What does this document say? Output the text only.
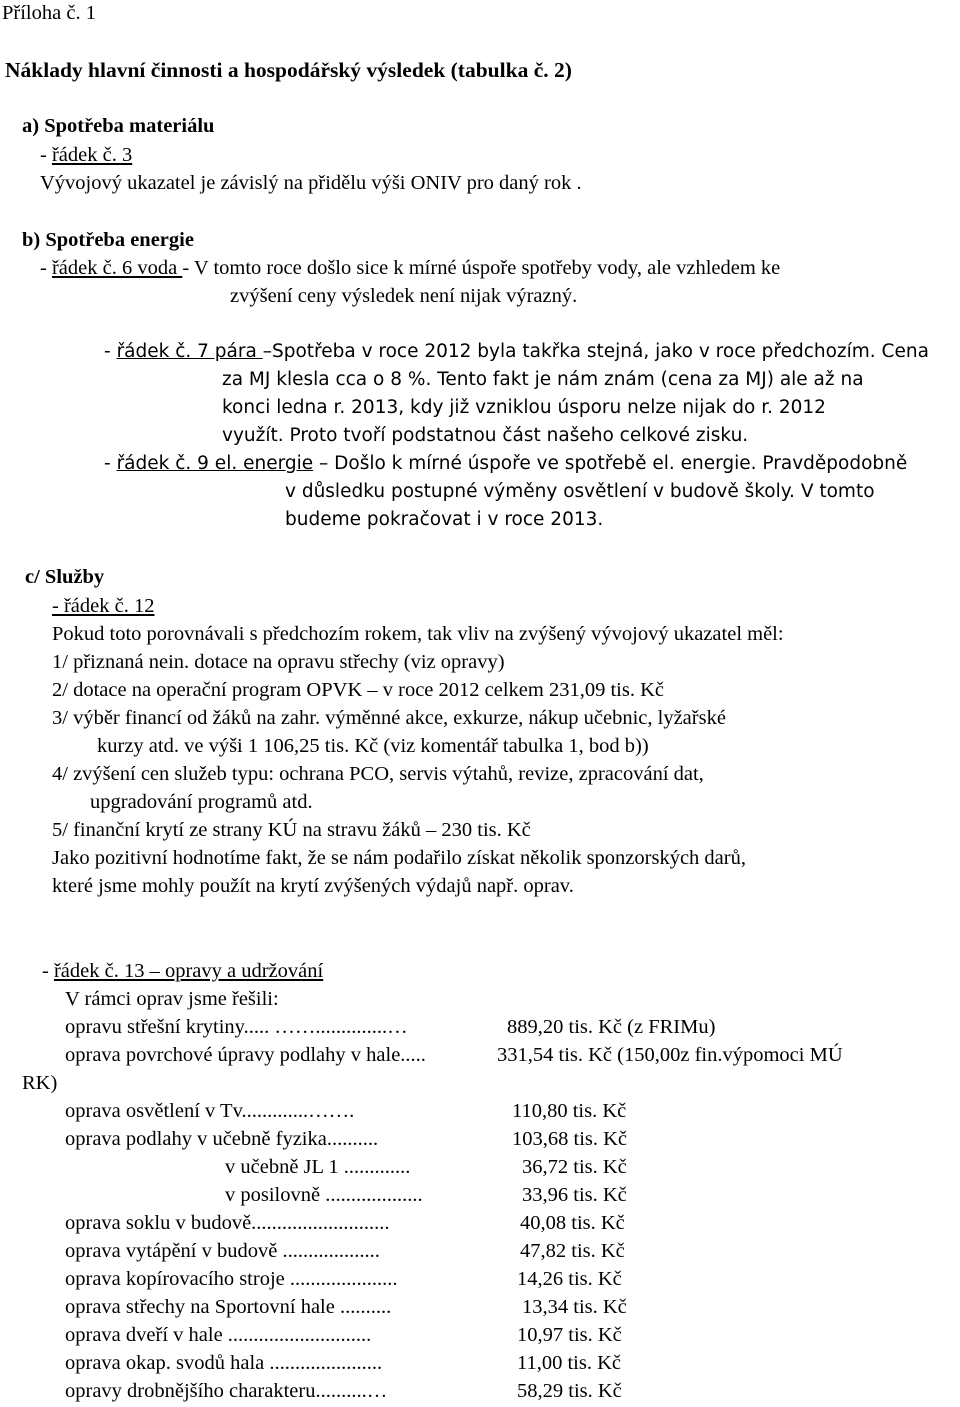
Příloha č. 1
Náklady hlavní činnosti a hospodářský výsledek (tabulka č. 2)
a) Spotřeba materiálu
- řádek č. 3
Vývojový ukazatel je závislý na přidělu výši ONIV pro daný rok .
b) Spotřeba energie
- řádek č. 6 voda - V tomto roce došlo sice k mírné úspoře spotřeby vody, ale vzhledem ke
zvýšení ceny výsledek není nijak výrazný.
- řádek č. 7 pára –Spotřeba v roce 2012 byla takřka stejná, jako v roce předchozím. Cena
za MJ klesla cca o 8 %. Tento fakt je nám znám (cena za MJ) ale až na
konci ledna r. 2013, kdy již vzniklou úsporu nelze nijak do r. 2012
využít. Proto tvoří podstatnou část našeho celkové zisku.
- řádek č. 9 el. energie – Došlo k mírné úspoře ve spotřebě el. energie. Pravděpodobně
v důsledku postupné výměny osvětlení v budově školy. V tomto
budeme pokračovat i v roce 2013.
c/ Služby
- řádek č. 12
Pokud toto porovnávali s předchozím rokem, tak vliv na zvýšený vývojový ukazatel měl:
1/ přiznaná nein. dotace na opravu střechy (viz opravy)
2/ dotace na operační program OPVK – v roce 2012 celkem 231,09 tis. Kč
3/ výběr financí od žáků na zahr. výměnné akce, exkurze, nákup učebnic, lyžařské
kurzy atd. ve výši 1 106,25 tis. Kč (viz komentář tabulka 1, bod b))
4/ zvýšení cen služeb typu: ochrana PCO, servis výtahů, revize, zpracování dat,
upgradování programů atd.
5/ finanční krytí ze strany KÚ na stravu žáků – 230 tis. Kč
Jako pozitivní hodnotíme fakt, že se nám podařilo získat několik sponzorských darů,
které jsme mohly použít na krytí zvýšených výdajů např. oprav.
- řádek č. 13 – opravy a udržování
V rámci oprav jsme řešili:
opravu střešní krytiny..... ……..............…	889,20 tis. Kč (z FRIMu)
oprava povrchové úpravy podlahy v hale.....	331,54 tis. Kč (150,00z fin.výpomoci MÚ
RK)
oprava osvětlení v Tv.............…….	110,80 tis. Kč
oprava podlahy v učebně fyzika..........	103,68 tis. Kč
v učebně JL 1 .............	36,72 tis. Kč
v posilovně ...................	33,96 tis. Kč
oprava soklu v budově...........................	40,08 tis. Kč
oprava vytápění v budově ...................	47,82 tis. Kč
oprava kopírovacího stroje .....................	14,26 tis. Kč
oprava střechy na Sportovní hale ..........	13,34 tis. Kč
oprava dveří v hale ............................	10,97 tis. Kč
oprava okap. svodů hala ......................	11,00 tis. Kč
opravy drobnějšího charakteru..........…	58,29 tis. Kč
